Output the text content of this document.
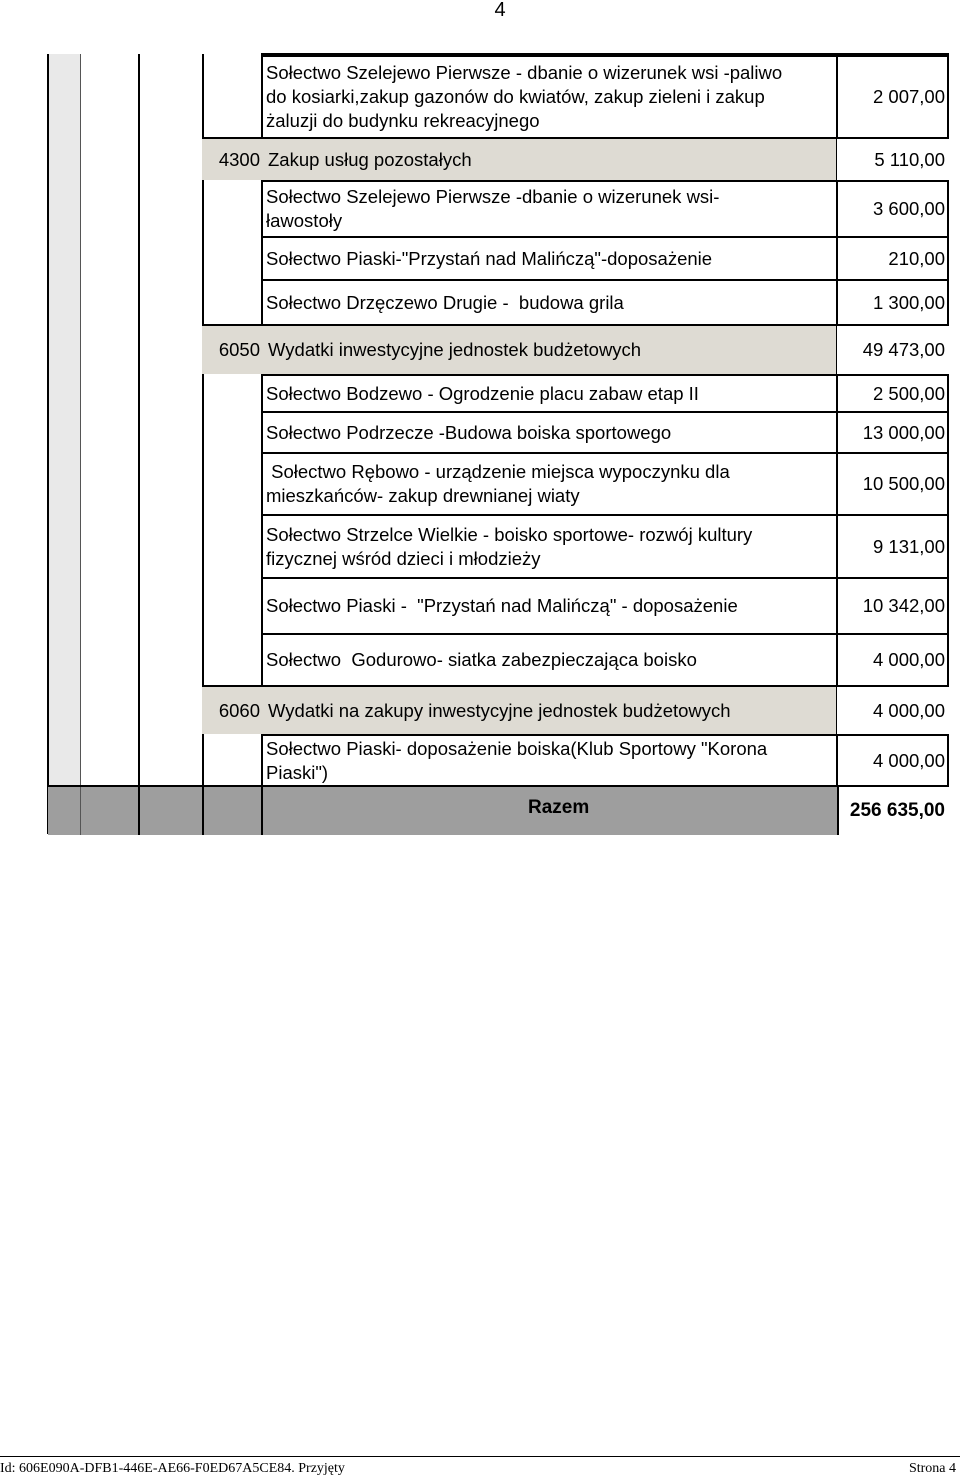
4
Sołectwo Szelejewo Pierwsze - dbanie o wizerunek wsi -paliwo
do kosiarki,zakup gazonów do kwiatów, zakup zieleni i zakup
żaluzji do budynku rekreacyjnego
2 007,00
4300 Zakup usług pozostałych	5 110,00
Sołectwo Szelejewo Pierwsze -dbanie o wizerunek wsi-
ławostoły
3 600,00
Sołectwo Piaski-"Przystań nad Malińczą"-doposażenie	210,00
Sołectwo Drzęczewo Drugie -  budowa grila	1 300,00
6050 Wydatki inwestycyjne jednostek budżetowych	49 473,00
Sołectwo Bodzewo - Ogrodzenie placu zabaw etap II	2 500,00
Sołectwo Podrzecze -Budowa boiska sportowego	13 000,00
Sołectwo Rębowo - urządzenie miejsca wypoczynku dla
mieszkańców- zakup drewnianej wiaty
10 500,00
Sołectwo Strzelce Wielkie - boisko sportowe- rozwój kultury
fizycznej wśród dzieci i młodzieży
9 131,00
Sołectwo Piaski -  "Przystań nad Malińczą" - doposażenie	10 342,00
Sołectwo  Godurowo- siatka zabezpieczająca boisko	4 000,00
6060 Wydatki na zakupy inwestycyjne jednostek budżetowych	4 000,00
Sołectwo Piaski- doposażenie boiska(Klub Sportowy "Korona
Piaski")
4 000,00
Razem	256 635,00
Id: 606E090A-DFB1-446E-AE66-F0ED67A5CE84. Przyjęty	Strona 4
